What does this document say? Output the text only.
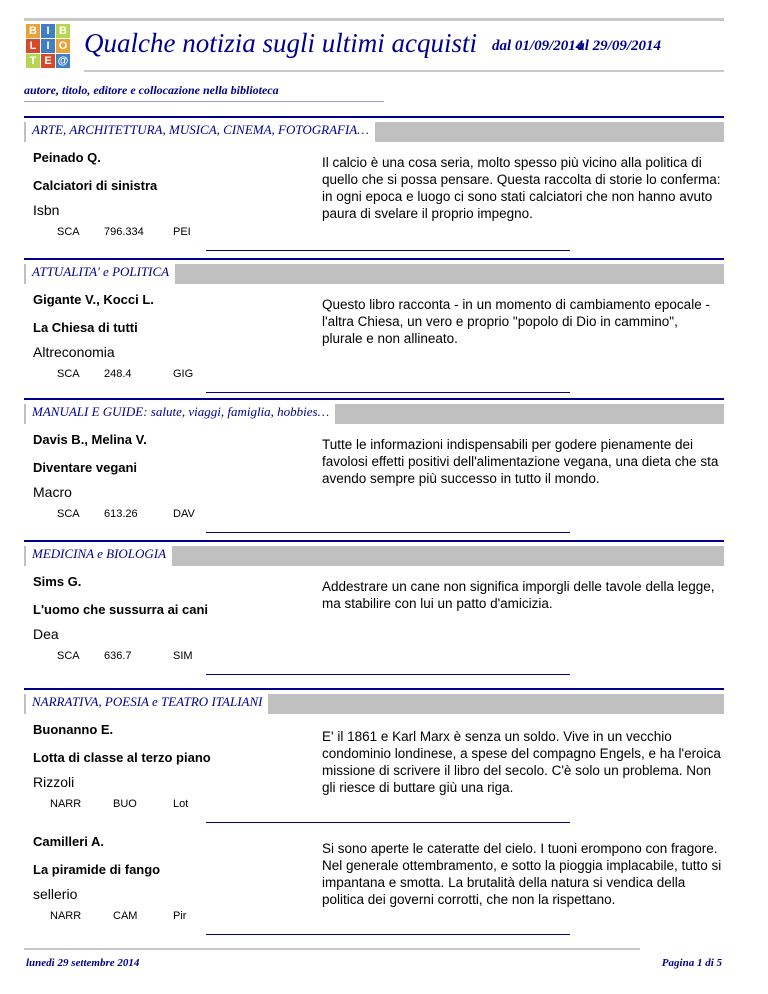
B I B
L I O
T E @
Qualche notizia sugli ultimi acquisti dal 01/09/2014al 29/09/2014
autore, titolo, editore e collocazione nella biblioteca
ARTE, ARCHITETTURA, MUSICA, CINEMA, FOTOGRAFIA…
Peinado Q.
Calciatori di sinistra
Isbn
SCA 796.334	PEI
Il calcio è una cosa seria, molto spesso più vicino alla politica di quello che si possa pensare. Questa raccolta di storie lo conferma: in ogni epoca e luogo ci sono stati calciatori che non hanno avuto paura di svelare il proprio impegno.
ATTUALITA' e POLITICA
Gigante V., Kocci L.
La Chiesa di tutti
Altreconomia
SCA 248.4	GIG
Questo libro racconta - in un momento di cambiamento epocale - l'altra Chiesa, un vero e proprio "popolo di Dio in cammino", plurale e non allineato.
MANUALI E GUIDE: salute, viaggi, famiglia, hobbies…
Davis B., Melina V.
Diventare vegani
Macro
SCA 613.26	DAV
Tutte le informazioni indispensabili per godere pienamente dei favolosi effetti positivi dell'alimentazione vegana, una dieta che sta avendo sempre più successo in tutto il mondo.
MEDICINA e BIOLOGIA
Sims G.
L'uomo che sussurra ai cani
Dea
SCA 636.7	SIM
Addestrare un cane non significa imporgli delle tavole della legge, ma stabilire con lui un patto d'amicizia.
NARRATIVA, POESIA e TEATRO ITALIANI
Buonanno E.
Lotta di classe al terzo piano
Rizzoli
NARR	BUO	Lot
E' il 1861 e Karl Marx è senza un soldo. Vive in un vecchio condominio londinese, a spese del compagno Engels, e ha l'eroica missione di scrivere il libro del secolo. C'è solo un problema. Non gli riesce di buttare giù una riga.
Camilleri A.
La piramide di fango
sellerio
NARR	CAM	Pir
Si sono aperte le cateratte del cielo. I tuoni erompono con fragore. Nel generale ottembramento, e sotto la pioggia implacabile, tutto si impantana e smotta. La brutalità della natura si vendica della politica dei governi corrotti, che non la rispettano.
lunedì 29 settembre 2014	Pagina 1 di 5
